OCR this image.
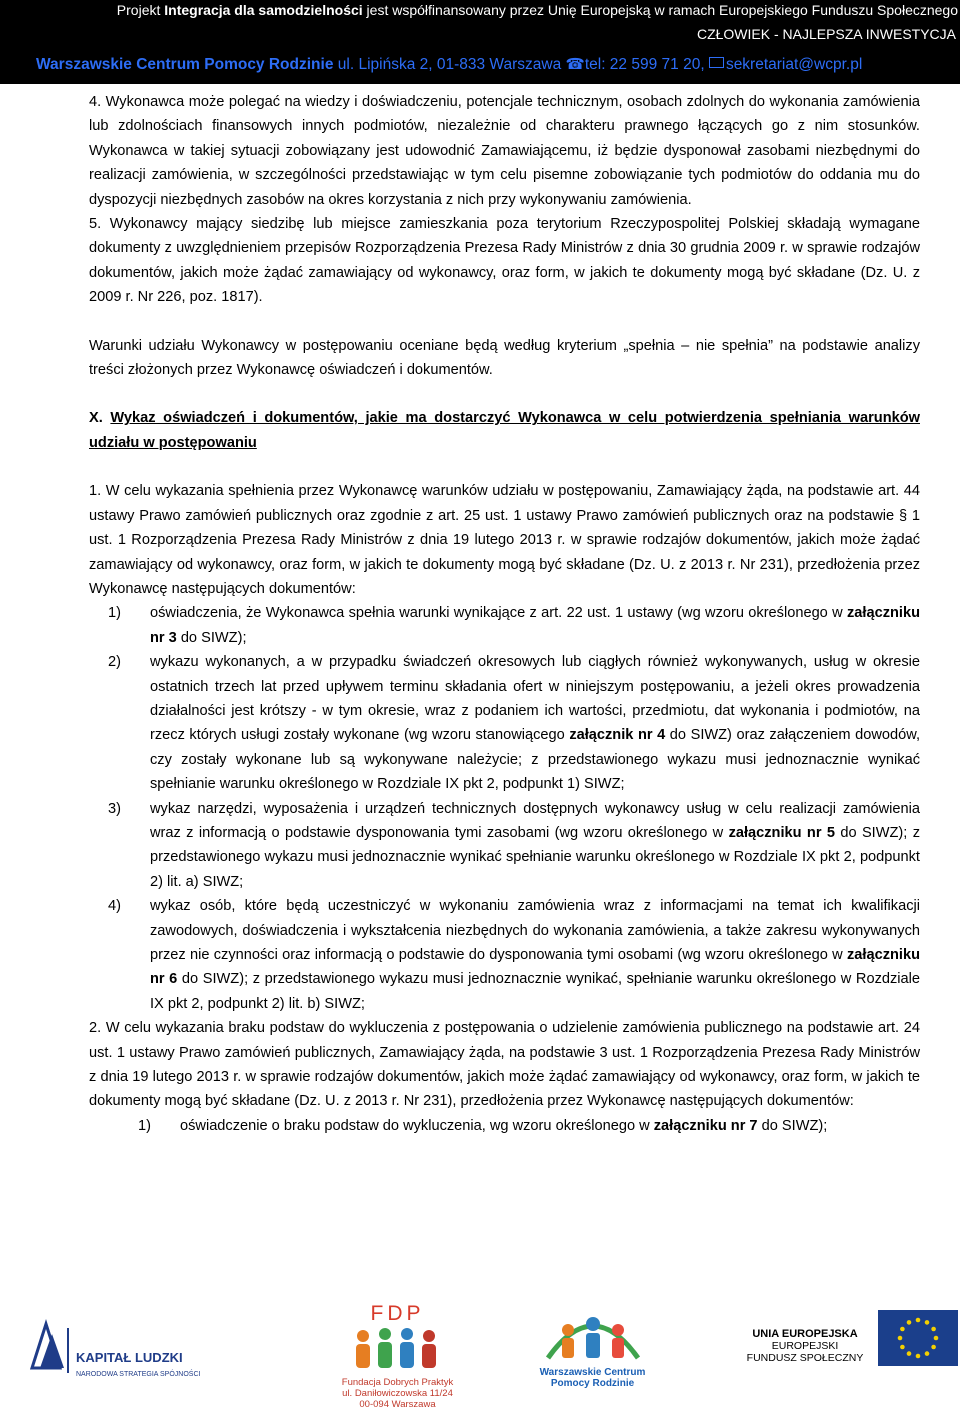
Projekt Integracja dla samodzielności jest współfinansowany przez Unię Europejską w ramach Europejskiego Funduszu Społecznego
CZŁOWIEK - NAJLEPSZA INWESTYCJA
Warszawskie Centrum Pomocy Rodzinie ul. Lipińska 2, 01-833 Warszawa ☎tel: 22 599 71 20, sekretariat@wcpr.pl

4. Wykonawca może polegać na wiedzy i doświadczeniu, potencjale technicznym, osobach zdolnych do wykonania zamówienia lub zdolnościach finansowych innych podmiotów, niezależnie od charakteru prawnego łączących go z nim stosunków. Wykonawca w takiej sytuacji zobowiązany jest udowodnić Zamawiającemu, iż będzie dysponował zasobami niezbędnymi do realizacji zamówienia, w szczególności przedstawiając w tym celu pisemne zobowiązanie tych podmiotów do oddania mu do dyspozycji niezbędnych zasobów na okres korzystania z nich przy wykonywaniu zamówienia.

5. Wykonawcy mający siedzibę lub miejsce zamieszkania poza terytorium Rzeczypospolitej Polskiej składają wymagane dokumenty z uwzględnieniem przepisów Rozporządzenia Prezesa Rady Ministrów z dnia 30 grudnia 2009 r. w sprawie rodzajów dokumentów, jakich może żądać zamawiający od wykonawcy, oraz form, w jakich te dokumenty mogą być składane (Dz. U. z 2009 r. Nr 226, poz. 1817).

Warunki udziału Wykonawcy w postępowaniu oceniane będą według kryterium „spełnia – nie spełnia” na podstawie analizy treści złożonych przez Wykonawcę oświadczeń i dokumentów.

X. Wykaz oświadczeń i dokumentów, jakie ma dostarczyć Wykonawca w celu potwierdzenia spełniania warunków udziału w postępowaniu

1. W celu wykazania spełnienia przez Wykonawcę warunków udziału w postępowaniu, Zamawiający żąda, na podstawie art. 44 ustawy Prawo zamówień publicznych oraz zgodnie z art. 25 ust. 1 ustawy Prawo zamówień publicznych oraz na podstawie § 1 ust. 1 Rozporządzenia Prezesa Rady Ministrów z dnia 19 lutego 2013 r. w sprawie rodzajów dokumentów, jakich może żądać zamawiający od wykonawcy, oraz form, w jakich te dokumenty mogą być składane (Dz. U. z 2013 r. Nr 231), przedłożenia przez Wykonawcę następujących dokumentów:

1) oświadczenia, że Wykonawca spełnia warunki wynikające z art. 22 ust. 1 ustawy (wg wzoru określonego w załączniku nr 3 do SIWZ);
2) wykazu wykonanych, a w przypadku świadczeń okresowych lub ciągłych również wykonywanych, usług w okresie ostatnich trzech lat przed upływem terminu składania ofert w niniejszym postępowaniu, a jeżeli okres prowadzenia działalności jest krótszy - w tym okresie, wraz z podaniem ich wartości, przedmiotu, dat wykonania i podmiotów, na rzecz których usługi zostały wykonane (wg wzoru stanowiącego załącznik nr 4 do SIWZ) oraz załączeniem dowodów, czy zostały wykonane lub są wykonywane należycie; z przedstawionego wykazu musi jednoznacznie wynikać spełnianie warunku określonego w Rozdziale IX pkt 2, podpunkt 1) SIWZ;
3) wykaz narzędzi, wyposażenia i urządzeń technicznych dostępnych wykonawcy usług w celu realizacji zamówienia wraz z informacją o podstawie dysponowania tymi zasobami (wg wzoru określonego w załączniku nr 5 do SIWZ); z przedstawionego wykazu musi jednoznacznie wynikać spełnianie warunku określonego w Rozdziale IX pkt 2, podpunkt 2) lit. a) SIWZ;
4) wykaz osób, które będą uczestniczyć w wykonaniu zamówienia wraz z informacjami na temat ich kwalifikacji zawodowych, doświadczenia i wykształcenia niezbędnych do wykonania zamówienia, a także zakresu wykonywanych przez nie czynności oraz informacją o podstawie do dysponowania tymi osobami (wg wzoru określonego w załączniku nr 6 do SIWZ); z przedstawionego wykazu musi jednoznacznie wynikać, spełnianie warunku określonego w Rozdziale IX pkt 2, podpunkt 2) lit. b) SIWZ;

2. W celu wykazania braku podstaw do wykluczenia z postępowania o udzielenie zamówienia publicznego na podstawie art. 24 ust. 1 ustawy Prawo zamówień publicznych, Zamawiający żąda, na podstawie 3 ust. 1 Rozporządzenia Prezesa Rady Ministrów z dnia 19 lutego 2013 r. w sprawie rodzajów dokumentów, jakich może żądać zamawiający od wykonawcy, oraz form, w jakich te dokumenty mogą być składane (Dz. U. z 2013 r. Nr 231), przedłożenia przez Wykonawcę następujących dokumentów:

1) oświadczenie o braku podstaw do wykluczenia, wg wzoru określonego w załączniku nr 7 do SIWZ);
KAPITAŁ LUDZKI
NARODOWA STRATEGIA SPÓJNOŚCI
FDP
Fundacja Dobrych Praktyk
ul. Daniłowiczowska 11/24
00-094 Warszawa
Warszawskie Centrum
Pomocy Rodzinie
UNIA EUROPEJSKA
EUROPEJSKI
FUNDUSZ SPOŁECZNY
